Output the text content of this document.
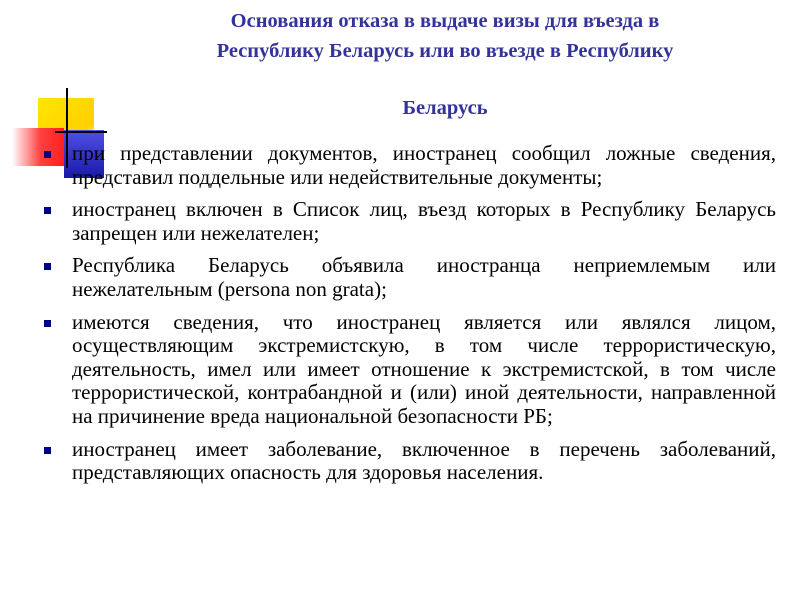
Основания отказа в выдаче визы для въезда в
Республику Беларусь или во въезде в Республику
Беларусь
при представлении документов, иностранец сообщил ложные сведения, представил поддельные или недействительные документы;
иностранец включен в Список лиц, въезд которых в Республику Беларусь запрещен или нежелателен;
Республика Беларусь объявила иностранца неприемлемым или нежелательным (persona non grata);
имеются сведения, что иностранец является или являлся лицом, осуществляющим экстремистскую, в том числе террористическую, деятельность, имел или имеет отношение к экстремистской, в том числе террористической, контрабандной и (или) иной деятельности, направленной на причинение вреда национальной безопасности РБ;
иностранец имеет заболевание, включенное в перечень заболеваний, представляющих опасность для здоровья населения.
